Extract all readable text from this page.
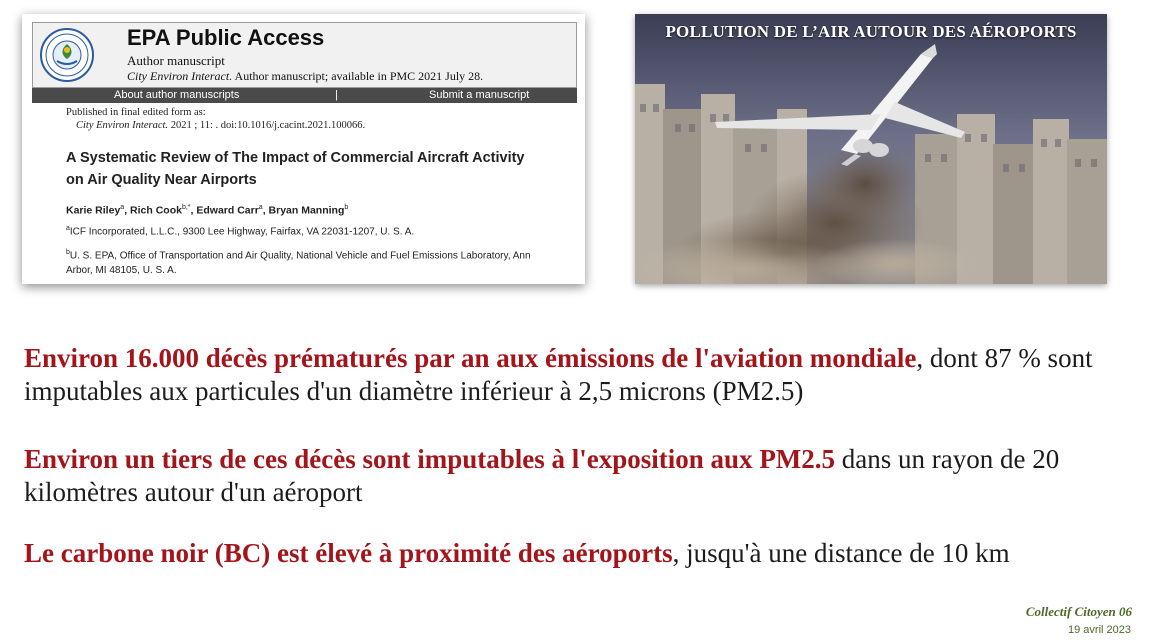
EPA Public Access
Author manuscript
City Environ Interact. Author manuscript; available in PMC 2021 July 28.
About author manuscripts	|	Submit a manuscript
Published in final edited form as:
City Environ Interact. 2021 ; 11: . doi:10.1016/j.cacint.2021.100066.
A Systematic Review of The Impact of Commercial Aircraft Activity on Air Quality Near Airports
Karie Riley$^a$, Rich Cook$^{b,*}$, Edward Carr$^a$, Bryan Manning$^b$
$^a$ICF Incorporated, L.L.C., 9300 Lee Highway, Fairfax, VA 22031-1207, U. S. A.
$^b$U. S. EPA, Office of Transportation and Air Quality, National Vehicle and Fuel Emissions Laboratory, Ann Arbor, MI 48105, U. S. A.
POLLUTION DE L’AIR AUTOUR DES AÉROPORTS
Environ 16.000 décès prématurés par an aux émissions de l'aviation mondiale, dont 87 % sont imputables aux particules d'un diamètre inférieur à 2,5 microns (PM2.5)
Environ un tiers de ces décès sont imputables à l'exposition aux PM2.5 dans un rayon de 20 kilomètres autour d'un aéroport
Le carbone noir (BC) est élevé à proximité des aéroports, jusqu'à une distance de 10 km
Collectif Citoyen 06
19 avril 2023
